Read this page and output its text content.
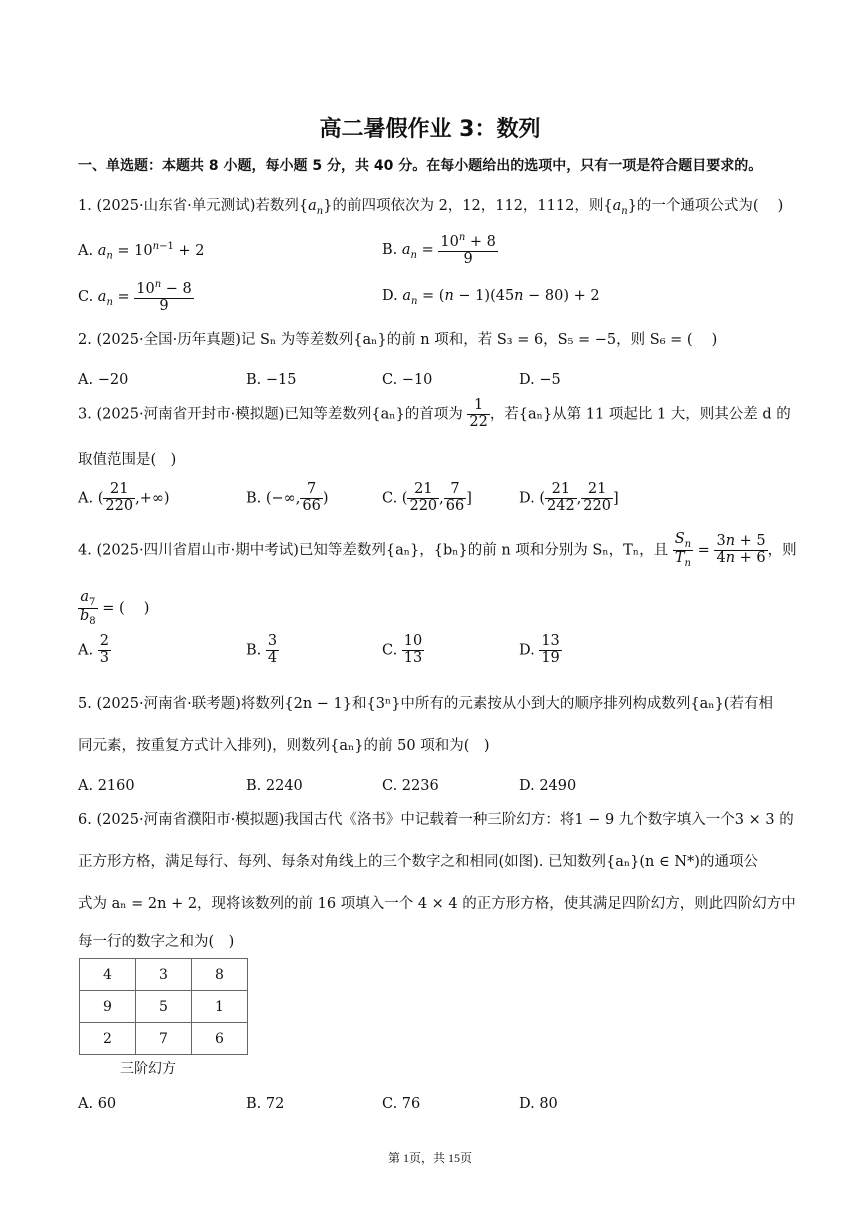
高二暑假作业 3：数列
一、单选题：本题共 8 小题，每小题 5 分，共 40 分。在每小题给出的选项中，只有一项是符合题目要求的。
1. (2025·山东省·单元测试)若数列$\{a_n\}$的前四项依次为 2，12，112，1112，则$\{a_n\}$的一个通项公式为(　 )
A. $a_n = 10^{n-1} + 2$	B. $a_n = \frac{10^n + 8}{9}$
C. $a_n = \frac{10^n - 8}{9}$	D. $a_n = (n - 1)(45n - 80) + 2$
2. (2025·全国·历年真题)记 Sₙ 为等差数列{aₙ}的前 n 项和，若 S₃ = 6，S₅ = −5，则 S₆ = (　 )
A. −20	B. −15	C. −10	D. −5
3. (2025·河南省开封市·模拟题)已知等差数列{aₙ}的首项为 $\frac{1}{22}$ ，若{aₙ}从第 11 项起比 1 大，则其公差 d 的
取值范围是(　)
A. ( $\frac{21}{220}$ ,+∞)	B. (−∞, $\frac{7}{66}$ )	C. ( $\frac{21}{220}$ , $\frac{7}{66}$ ]	D. ( $\frac{21}{242}$ , $\frac{21}{220}$ ]
4. (2025·四川省眉山市·期中考试)已知等差数列{aₙ}，{bₙ}的前 n 项和分别为 Sₙ，Tₙ，且 $\frac{S_n}{T_n} = \frac{3n + 5}{4n + 6}$ ，则
$\frac{a_7}{b_8}$ = (　 )
A. $\frac{2}{3}$	B. $\frac{3}{4}$	C. $\frac{10}{13}$	D. $\frac{13}{19}$
5. (2025·河南省·联考题)将数列{2n − 1}和{3ⁿ}中所有的元素按从小到大的顺序排列构成数列{aₙ}(若有相
同元素，按重复方式计入排列)，则数列{aₙ}的前 50 项和为(　)
A. 2160	B. 2240	C. 2236	D. 2490
6. (2025·河南省濮阳市·模拟题)我国古代《洛书》中记载着一种三阶幻方：将1 − 9 九个数字填入一个3 × 3 的
正方形方格，满足每行、每列、每条对角线上的三个数字之和相同(如图). 已知数列{aₙ}(n ∈ N*)的通项公
式为 aₙ = 2n + 2，现将该数列的前 16 项填入一个 4 × 4 的正方形方格，使其满足四阶幻方，则此四阶幻方中
每一行的数字之和为(　)
4	3	8
9	5	1
2	7	6
三阶幻方
A. 60	B. 72	C. 76	D. 80
第 1页，共 15页
